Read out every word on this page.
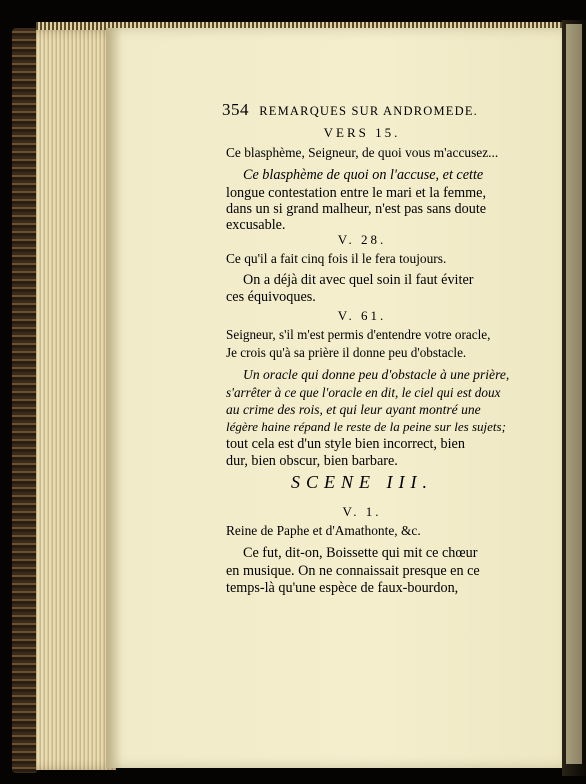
354 REMARQUES SUR ANDROMEDE.
VERS 15.
Ce blasphème, Seigneur, de quoi vous m'accusez...
Ce blasphème de quoi on l'accuse, et cette
longue contestation entre le mari et la femme,
dans un si grand malheur, n'est pas sans doute
excusable.
V. 28.
Ce qu'il a fait cinq fois il le fera toujours.
On a déjà dit avec quel soin il faut éviter
ces équivoques.
V. 61.
Seigneur, s'il m'est permis d'entendre votre oracle,
Je crois qu'à sa prière il donne peu d'obstacle.
Un oracle qui donne peu d'obstacle à une prière,
s'arrêter à ce que l'oracle en dit, le ciel qui est doux
au crime des rois, et qui leur ayant montré une
légère haine répand le reste de la peine sur les sujets;
tout cela est d'un style bien incorrect, bien
dur, bien obscur, bien barbare.
SCENE III.
V. 1.
Reine de Paphe et d'Amathonte, &c.
Ce fut, dit-on, Boissette qui mit ce chœur
en musique. On ne connaissait presque en ce
temps-là qu'une espèce de faux-bourdon,
